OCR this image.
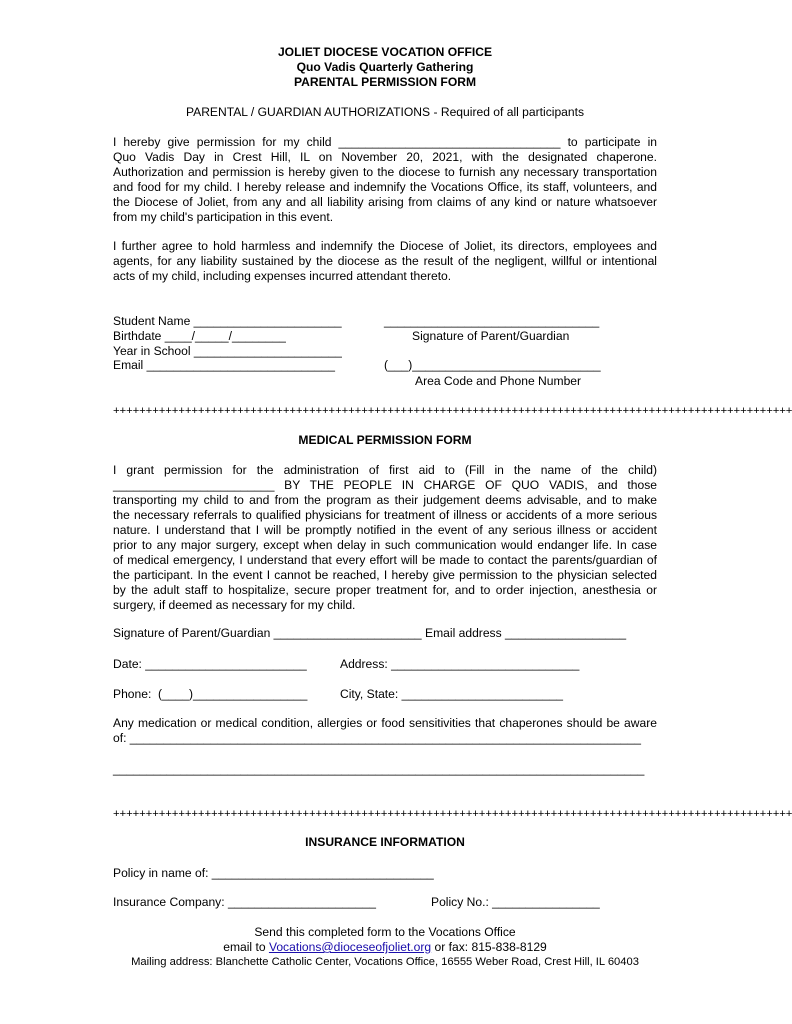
JOLIET DIOCESE VOCATION OFFICE
Quo Vadis Quarterly Gathering
PARENTAL PERMISSION FORM
PARENTAL / GUARDIAN AUTHORIZATIONS - Required of all participants
I hereby give permission for my child _________________________________ to participate in
Quo Vadis Day in Crest Hill, IL on November 20, 2021, with the designated chaperone.
Authorization and permission is hereby given to the diocese to furnish any necessary transportation
and food for my child. I hereby release and indemnify the Vocations Office, its staff, volunteers, and
the Diocese of Joliet, from any and all liability arising from claims of any kind or nature whatsoever
from my child's participation in this event.
I further agree to hold harmless and indemnify the Diocese of Joliet, its directors, employees and
agents, for any liability sustained by the diocese as the result of the negligent, willful or intentional
acts of my child, including expenses incurred attendant thereto.
Student Name ______________________
Birthdate ____/_____/________
Year in School ______________________
Email ____________________________
________________________________
Signature of Parent/Guardian
(___)____________________________
Area Code and Phone Number
++++++++++++++++++++++++++++++++++++++++++++++++++++++++++++++++++++++++++++++++++++++++++++++++++++++++
MEDICAL PERMISSION FORM
I grant permission for the administration of first aid to (Fill in the name of the child)
________________________ BY THE PEOPLE IN CHARGE OF QUO VADIS, and those
transporting my child to and from the program as their judgement deems advisable, and to make
the necessary referrals to qualified physicians for treatment of illness or accidents of a more serious
nature. I understand that I will be promptly notified in the event of any serious illness or accident
prior to any major surgery, except when delay in such communication would endanger life. In case
of medical emergency, I understand that every effort will be made to contact the parents/guardian of
the participant. In the event I cannot be reached, I hereby give permission to the physician selected
by the adult staff to hospitalize, secure proper treatment for, and to order injection, anesthesia or
surgery, if deemed as necessary for my child.
Signature of Parent/Guardian ______________________ Email address __________________
Date: ________________________	Address: ____________________________
Phone:  (____)_________________	City, State: ________________________
Any medication or medical condition, allergies or food sensitivities that chaperones should be aware
of: ____________________________________________________________________________
_______________________________________________________________________________
++++++++++++++++++++++++++++++++++++++++++++++++++++++++++++++++++++++++++++++++++++++++++++++++++++++++
INSURANCE INFORMATION
Policy in name of: _________________________________
Insurance Company: ______________________	Policy No.: ________________
Send this completed form to the Vocations Office
email to Vocations@dioceseofjoliet.org or fax: 815-838-8129
Mailing address: Blanchette Catholic Center, Vocations Office, 16555 Weber Road, Crest Hill, IL 60403
